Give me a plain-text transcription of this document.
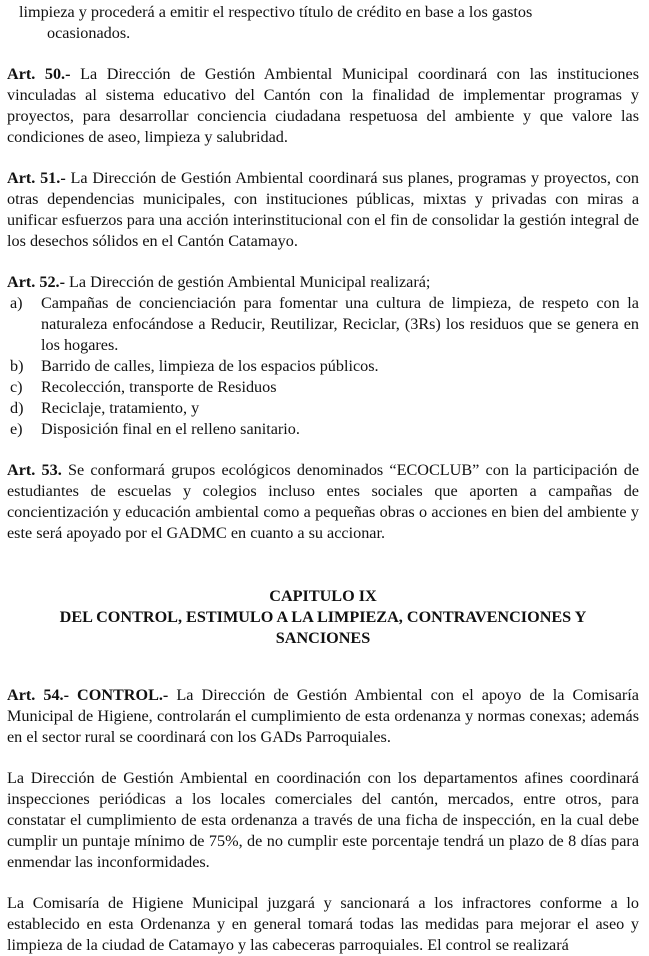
limpieza y procederá a emitir el respectivo título de crédito en base a los gastos

ocasionados.

Art. 50.- La Dirección de Gestión Ambiental Municipal coordinará con las instituciones vinculadas al sistema educativo del Cantón con la finalidad de implementar programas y proyectos, para desarrollar conciencia ciudadana respetuosa del ambiente y que valore las condiciones de aseo, limpieza y salubridad.

Art. 51.- La Dirección de Gestión Ambiental coordinará sus planes, programas y proyectos, con otras dependencias municipales, con instituciones públicas, mixtas y privadas con miras a unificar esfuerzos para una acción interinstitucional con el fin de consolidar la gestión integral de los desechos sólidos en el Cantón Catamayo.

Art. 52.- La Dirección de gestión Ambiental Municipal realizará;

a)	Campañas de concienciación para fomentar una cultura de limpieza, de respeto con la naturaleza enfocándose a Reducir, Reutilizar, Reciclar, (3Rs) los residuos que se genera en los hogares.
b)	Barrido de calles, limpieza de los espacios públicos.
c)	Recolección, transporte de Residuos
d)	Reciclaje, tratamiento, y
e)	Disposición final en el relleno sanitario.

Art. 53. Se conformará grupos ecológicos denominados “ECOCLUB” con la participación de estudiantes de escuelas y colegios incluso entes sociales que aporten a campañas de concientización y educación ambiental como a pequeñas obras o acciones en bien del ambiente y este será apoyado por el GADMC en cuanto a su accionar.

CAPITULO IX
DEL CONTROL, ESTIMULO A LA LIMPIEZA, CONTRAVENCIONES Y
SANCIONES

Art. 54.- CONTROL.- La Dirección de Gestión Ambiental con el apoyo de la Comisaría Municipal de Higiene, controlarán el cumplimiento de esta ordenanza y normas conexas; además en el sector rural se coordinará con los GADs Parroquiales.

La Dirección de Gestión Ambiental en coordinación con los departamentos afines coordinará inspecciones periódicas a los locales comerciales del cantón, mercados, entre otros, para constatar el cumplimiento de esta ordenanza a través de una ficha de inspección, en la cual debe cumplir un puntaje mínimo de 75%, de no cumplir este porcentaje tendrá un plazo de 8 días para enmendar las inconformidades.

La Comisaría de Higiene Municipal juzgará y sancionará a los infractores conforme a lo establecido en esta Ordenanza y en general tomará todas las medidas para mejorar el aseo y limpieza de la ciudad de Catamayo y las cabeceras parroquiales. El control se realizará
